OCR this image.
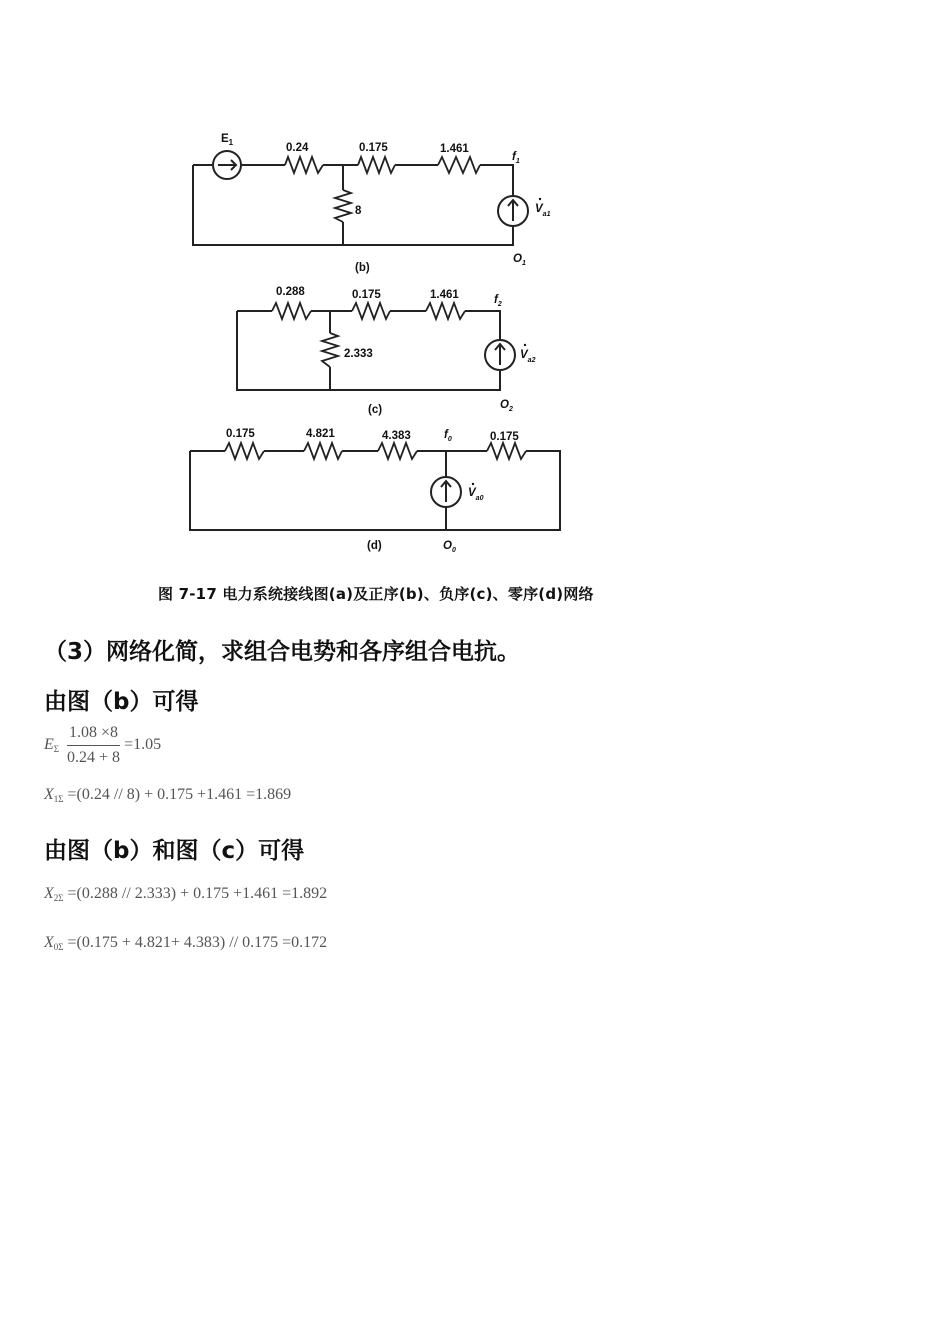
$E_1$	0.24	0.175	1.461
8
$f_1$
$V_{a1}$
$O_1$
(b)
0.288	0.175	1.461
2.333
$f_2$
$V_{a2}$
$O_2$
(c)
0.175	4.821	4.383	0.175
$f_0$
$V_{a0}$
$O_0$
(d)
图 7-17 电力系统接线图(a)及正序(b)、负序(c)、零序(d)网络
（3）网络化简，求组合电势和各序组合电抗。
由图（b）可得
$E_\Sigma \frac{1.08 \times 8}{0.24 + 8} =1.05$
$X_{1\Sigma} =(0.24 // 8) + 0.175 +1.461 =1.869$
由图（b）和图（c）可得
$X_{2\Sigma} =(0.288 // 2.333) + 0.175 +1.461 =1.892$
$X_{0\Sigma} =(0.175 + 4.821+ 4.383) // 0.175 =0.172$
